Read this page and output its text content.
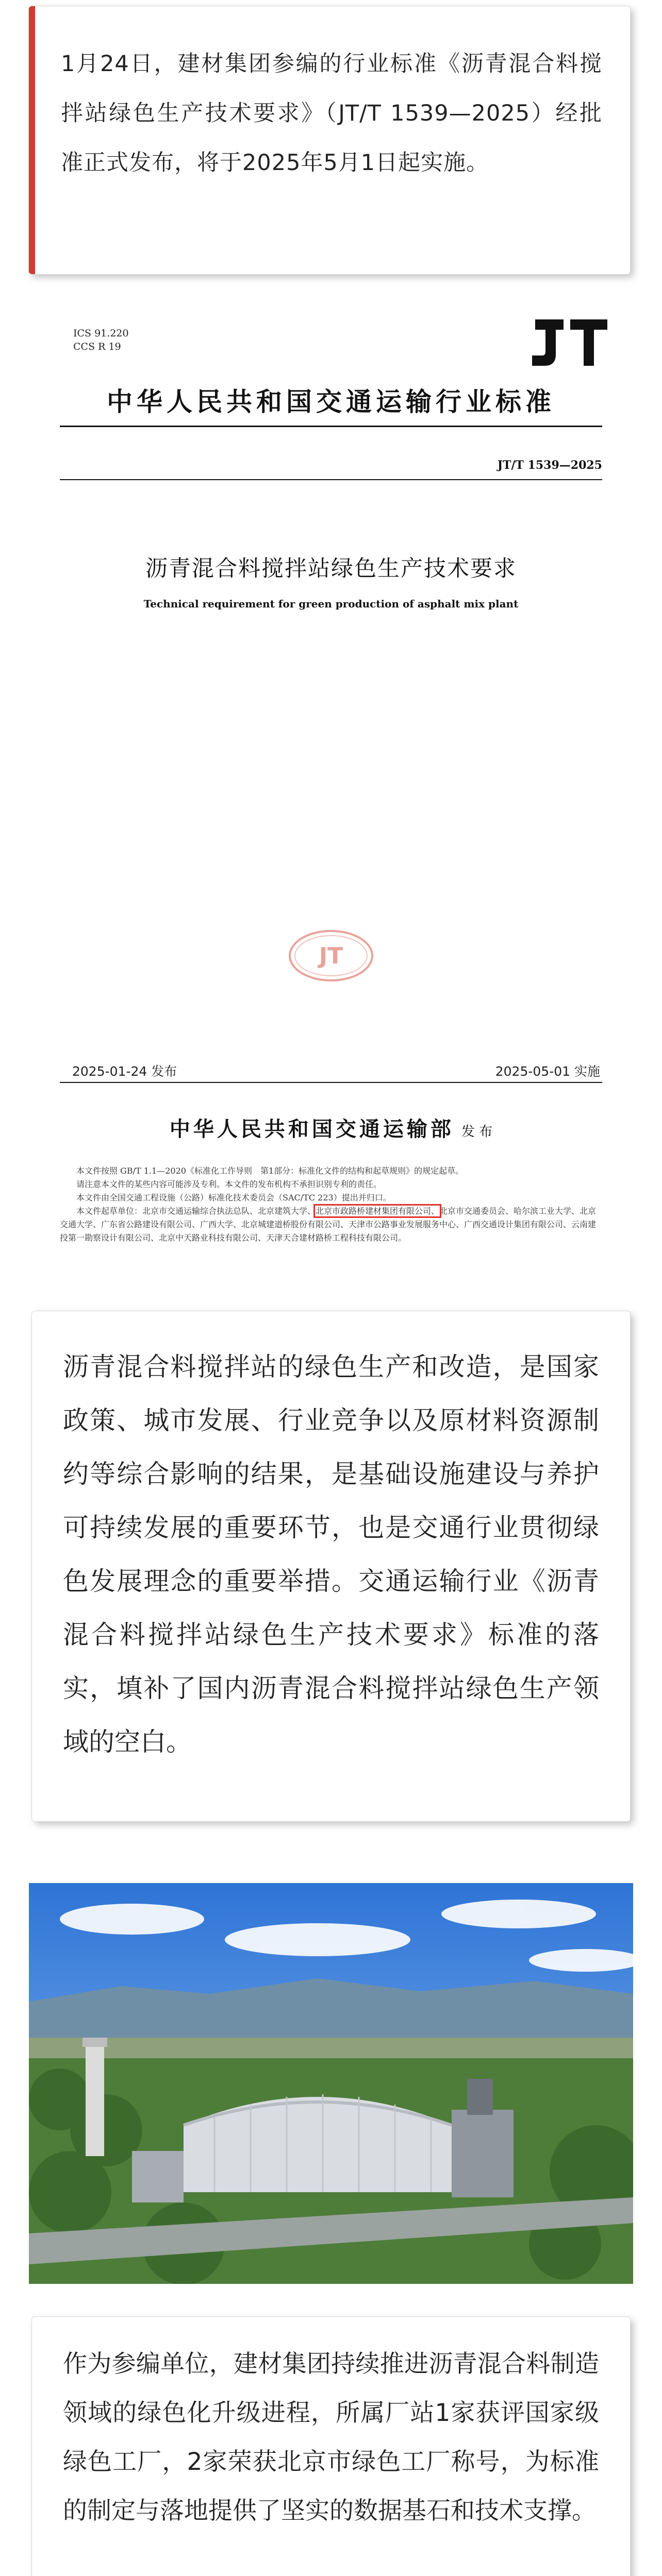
1月24日，建材集团参编的行业标准《沥青混合料搅拌站绿色生产技术要求》（JT/T 1539—2025）经批准正式发布，将于2025年5月1日起实施。

ICS 91.220
CCS R 19	JT
中华人民共和国交通运输行业标准
JT/T 1539—2025
沥青混合料搅拌站绿色生产技术要求
Technical requirement for green production of asphalt mix plant
JT
2025-01-24 发布	2025-05-01 实施
中华人民共和国交通运输部 发 布

本文件按照 GB/T 1.1—2020《标准化工作导则　第1部分：标准化文件的结构和起草规则》的规定起草。

请注意本文件的某些内容可能涉及专利。本文件的发布机构不承担识别专利的责任。

本文件由全国交通工程设施（公路）标准化技术委员会（SAC/TC 223）提出并归口。

本文件起草单位：北京市交通运输综合执法总队、北京建筑大学、北京市政路桥建材集团有限公司、北京市交通委员会、哈尔滨工业大学、北京交通大学、广东省公路建设有限公司、广西大学、北京城建道桥股份有限公司、天津市公路事业发展服务中心、广西交通设计集团有限公司、云南建投第一勘察设计有限公司、北京中天路业科技有限公司、天津天合建材路桥工程科技有限公司。

沥青混合料搅拌站的绿色生产和改造，是国家政策、城市发展、行业竞争以及原材料资源制约等综合影响的结果，是基础设施建设与养护可持续发展的重要环节，也是交通行业贯彻绿色发展理念的重要举措。交通运输行业《沥青混合料搅拌站绿色生产技术要求》标准的落实，填补了国内沥青混合料搅拌站绿色生产领域的空白。

作为参编单位，建材集团持续推进沥青混合料制造领域的绿色化升级进程，所属厂站1家获评国家级绿色工厂，2家荣获北京市绿色工厂称号，为标准的制定与落地提供了坚实的数据基石和技术支撑。
